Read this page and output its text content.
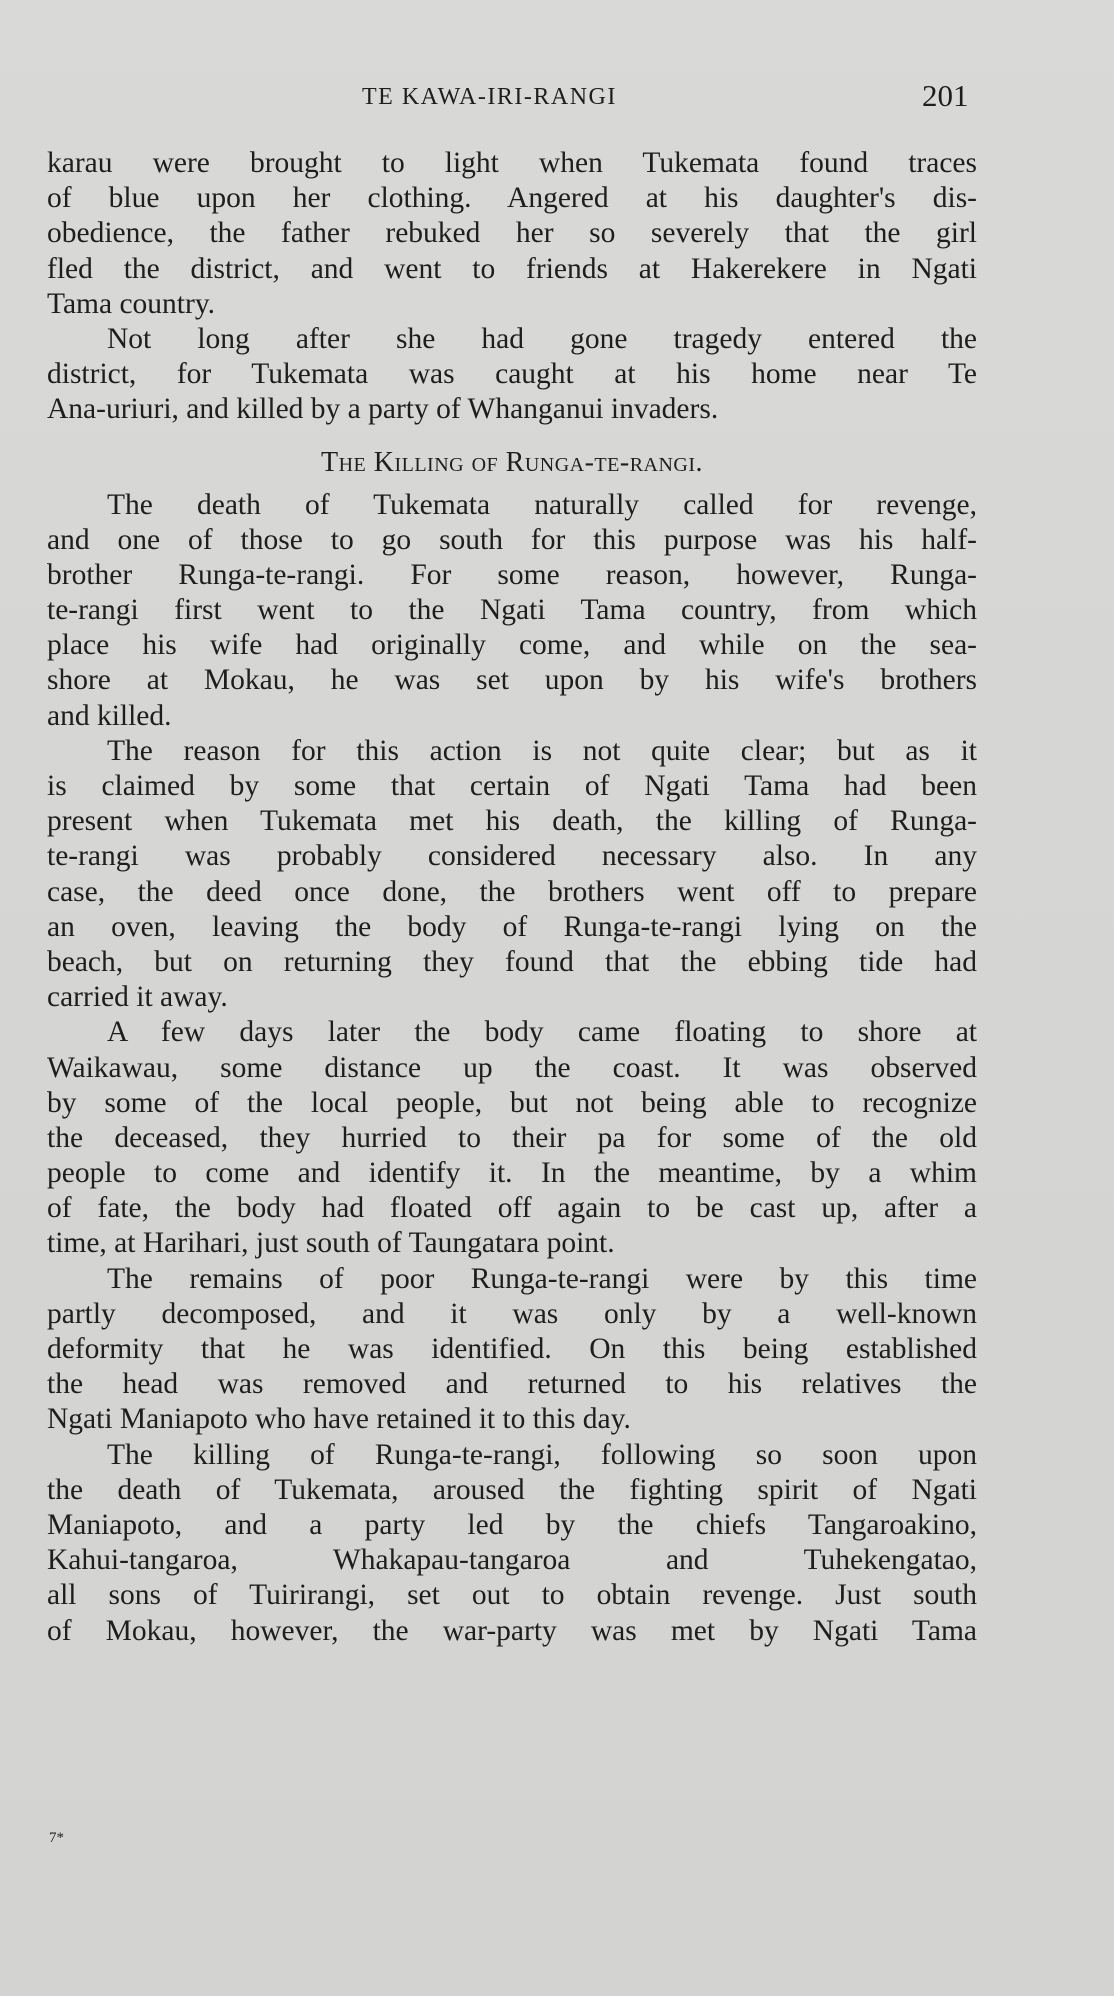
TE KAWA-IRI-RANGI	201
karau were brought to light when Tukemata found traces
of blue upon her clothing. Angered at his daughter's dis-
obedience, the father rebuked her so severely that the girl
fled the district, and went to friends at Hakerekere in Ngati
Tama country.
Not long after she had gone tragedy entered the
district, for Tukemata was caught at his home near Te
Ana-uriuri, and killed by a party of Whanganui invaders.
The Killing of Runga-te-rangi.
The death of Tukemata naturally called for revenge,
and one of those to go south for this purpose was his half-
brother Runga-te-rangi. For some reason, however, Runga-
te-rangi first went to the Ngati Tama country, from which
place his wife had originally come, and while on the sea-
shore at Mokau, he was set upon by his wife's brothers
and killed.
The reason for this action is not quite clear; but as it
is claimed by some that certain of Ngati Tama had been
present when Tukemata met his death, the killing of Runga-
te-rangi was probably considered necessary also. In any
case, the deed once done, the brothers went off to prepare
an oven, leaving the body of Runga-te-rangi lying on the
beach, but on returning they found that the ebbing tide had
carried it away.
A few days later the body came floating to shore at
Waikawau, some distance up the coast. It was observed
by some of the local people, but not being able to recognize
the deceased, they hurried to their pa for some of the old
people to come and identify it. In the meantime, by a whim
of fate, the body had floated off again to be cast up, after a
time, at Harihari, just south of Taungatara point.
The remains of poor Runga-te-rangi were by this time
partly decomposed, and it was only by a well-known
deformity that he was identified. On this being established
the head was removed and returned to his relatives the
Ngati Maniapoto who have retained it to this day.
The killing of Runga-te-rangi, following so soon upon
the death of Tukemata, aroused the fighting spirit of Ngati
Maniapoto, and a party led by the chiefs Tangaroakino,
Kahui-tangaroa, Whakapau-tangaroa and Tuhekengatao,
all sons of Tuirirangi, set out to obtain revenge. Just south
of Mokau, however, the war-party was met by Ngati Tama
7*
